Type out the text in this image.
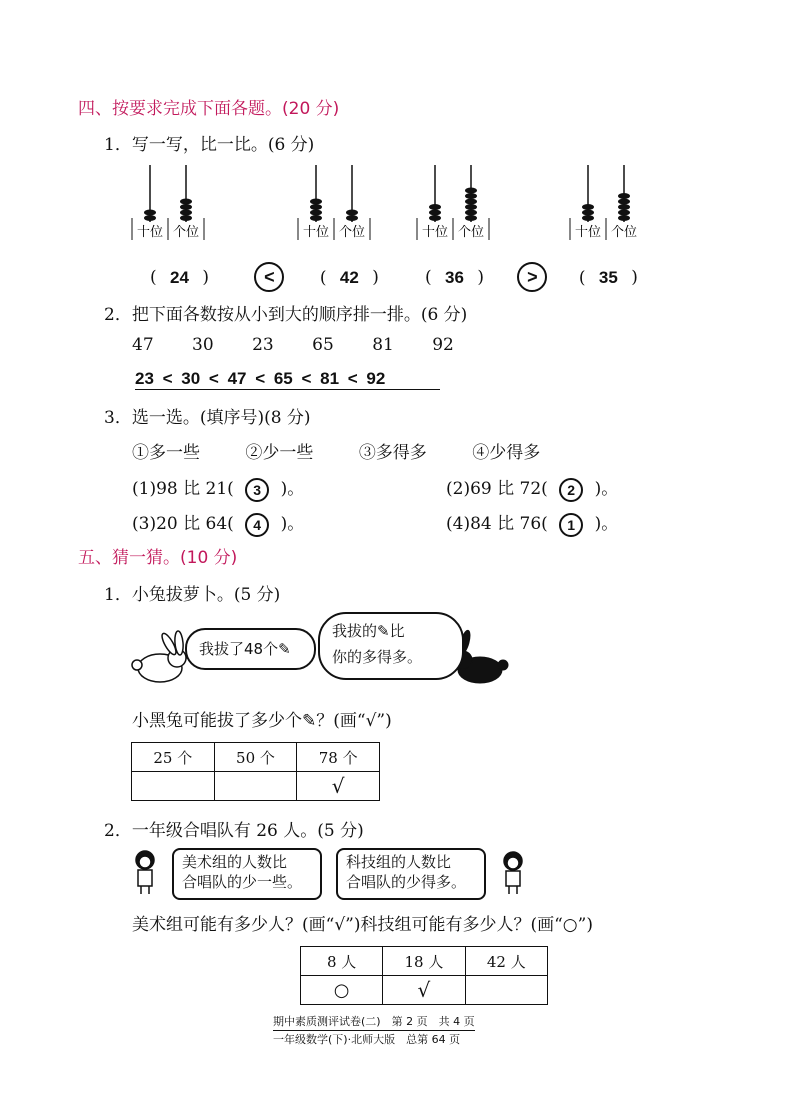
四、按要求完成下面各题。(20 分)
1．写一写，比一比。(6 分)
十位 个位	十位 个位	十位 个位	十位 个位
( 24 )	<	( 42 )	( 36 ) > ( 35 )
2．把下面各数按从小到大的顺序排一排。(6 分)
47 30 23 65 81 92
23 < 30 < 47 < 65 < 81 < 92
3．选一选。(填序号)(8 分)
①多一些	②少一些	③多得多	④少得多
(1)98 比 21( 3 )。	(2)69 比 72( 2 )。
(3)20 比 64( 4 )。	(4)84 比 76( 1 )。
五、猜一猜。(10 分)
1．小兔拔萝卜。(5 分)
我拔了48个✎
我拔的✎比
你的多得多。
小黑兔可能拔了多少个✎？(画“√”)
25 个	50 个	78 个
		√
2．一年级合唱队有 26 人。(5 分)
美术组的人数比
合唱队的少一些。
科技组的人数比
合唱队的少得多。
美术组可能有多少人？(画“√”)科技组可能有多少人？(画“○”)
8 人	18 人	42 人
○	√	
期中素质测评试卷(二)　第 2 页　共 4 页
一年级数学(下)·北师大版　总第 64 页
